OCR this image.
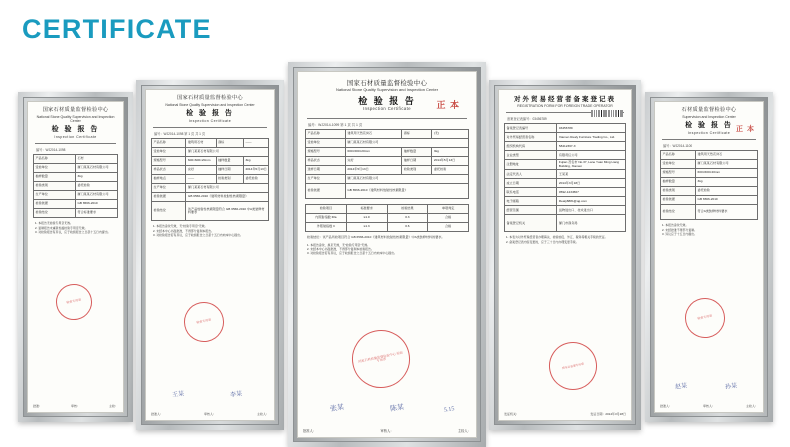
CERTIFICATE
国家石材质量监督检验中心
National Stone Quality Supervision and Inspection Center
检 验 报 告
Inspection Certificate
编号：WJ2014-1098
产品名称	石材
受检单位	厦门某某石材有限公司
抽样数量	3kg
检验类别	委托检验
生产单位	厦门某某石材有限公司
检验依据	GB 6566-2010
检验结论	符合标准要求
1. 本报告无检验专用章无效。
2. 复制报告未重新加盖检验专用章无效。
3. 对检验报告有异议，应于收到报告之日起十五日内提出。
检验专用章
批准：	审核：	主检：
国家石材质量监督检验中心
National Stone Quality Supervision and Inspection Center
检 验 报 告
Inspection Certificate
编号：WJ2014-1098 第 1 页 共 1 页
产品名称	建筑用石材	商标	——
受检单位	厦门某某石材有限公司		
规格型号	600×600×20mm	抽样数量	3kg
样品状态	完好	抽样日期	2014年5月13日
抽样地点	——	检验类别	委托检验
生产单位	厦门某某石材有限公司		
检验依据	GB 6566-2010《建筑材料放射性核素限量》		
检验结论	该产品放射性核素限量符合 GB 6566-2010 中A类装修材料要求		
1. 本报告涂改无效，无"检验专用章"无效。
2. 未经本中心书面批准，不得部分复制本报告。
3. 对检验报告若有异议，应于收到报告之日起十五日内向本中心提出。
检验专用章
王某	李某
批准人：	审核人：	主检人：
国家石材质量监督检验中心
National Stone Quality Supervision and Inspection Center
检 验 报 告
Inspection Certificate	正 本
编号：WJ2014-1099 第 1 页 共 1 页
产品名称	建筑用天然花岗石	商标	(无)
受检单位	厦门某某石材有限公司		
规格型号	600×600×20mm	抽样数量	3kg
样品状态	完好	抽样日期	2014年5月13日
送样日期	2014年5月13日	检验类别	委托检验
生产单位	厦门某某石材有限公司		
检验依据	GB 6566-2010《建筑材料放射性核素限量》		
检验项目	标准要求	检验结果	单项判定
内照射指数 IRa	≤1.0	0.3	合格
外照射指数 Ir	≤1.3	0.6	合格
检验结论：该产品所检项目符合 GB 6566-2010《建筑材料放射性核素限量》中A类装修材料的要求。
1. 本报告涂改、换页无效，无"检验专用章"无效。
2. 未经本中心书面批准，不得部分复制本检验报告。
3. 对检验报告若有异议，应于收到报告之日起十五日内向本中心提出。
国家石材质量监督检验中心 检验专用章
张某	陈某	5.15
批准人：	审核人：	主检人：
对外贸易经营者备案登记表
REGISTRATION FORM FOR FOREIGN TRADE OPERATOR
备案登记表编号：03456789
备案登记表编号	03456789
对外贸易经营者名称	Xiamen Realy Furniture Trading Co., Ltd.
组织机构代码	58412367-X
企业类型	有限责任公司
注册地址	Fujian 茂名市 No.37, Lane Yuan Ming Liang Building, Xiamen
法定代表人	王某某
成立日期	2014年3月18日
联系电话	0592-1234567
电子邮箱	Realy8881@qq.com
经营范围	货物进出口、技术进出口
备案登记机关	厦门市商务局
1. 本表为对外贸易经营者办理海关、检验检疫、外汇、税务等相关手续的凭证。
2. 备案登记表内容变更的，应于三十日内办理变更手续。
商务局备案专用章
发证机关：	发证日期：2014年3月28日
石材质量监督检验中心
Supervision and Inspection Center
检 验 报 告
Inspection Certificate
正 本
编号：WJ2014-1100
产品名称	建筑用天然花岗石
受检单位	厦门某某石材有限公司
规格型号	600×600×20mm
抽样数量	3kg
检验类别	委托检验
检验依据	GB 6566-2010
检验结论	符合A类装修材料要求
1. 本报告涂改无效。
2. 未经批准不得部分复制。
3. 异议应于十五日内提出。
检验专用章
赵某	孙某
批准人：	审核人：	主检人：
